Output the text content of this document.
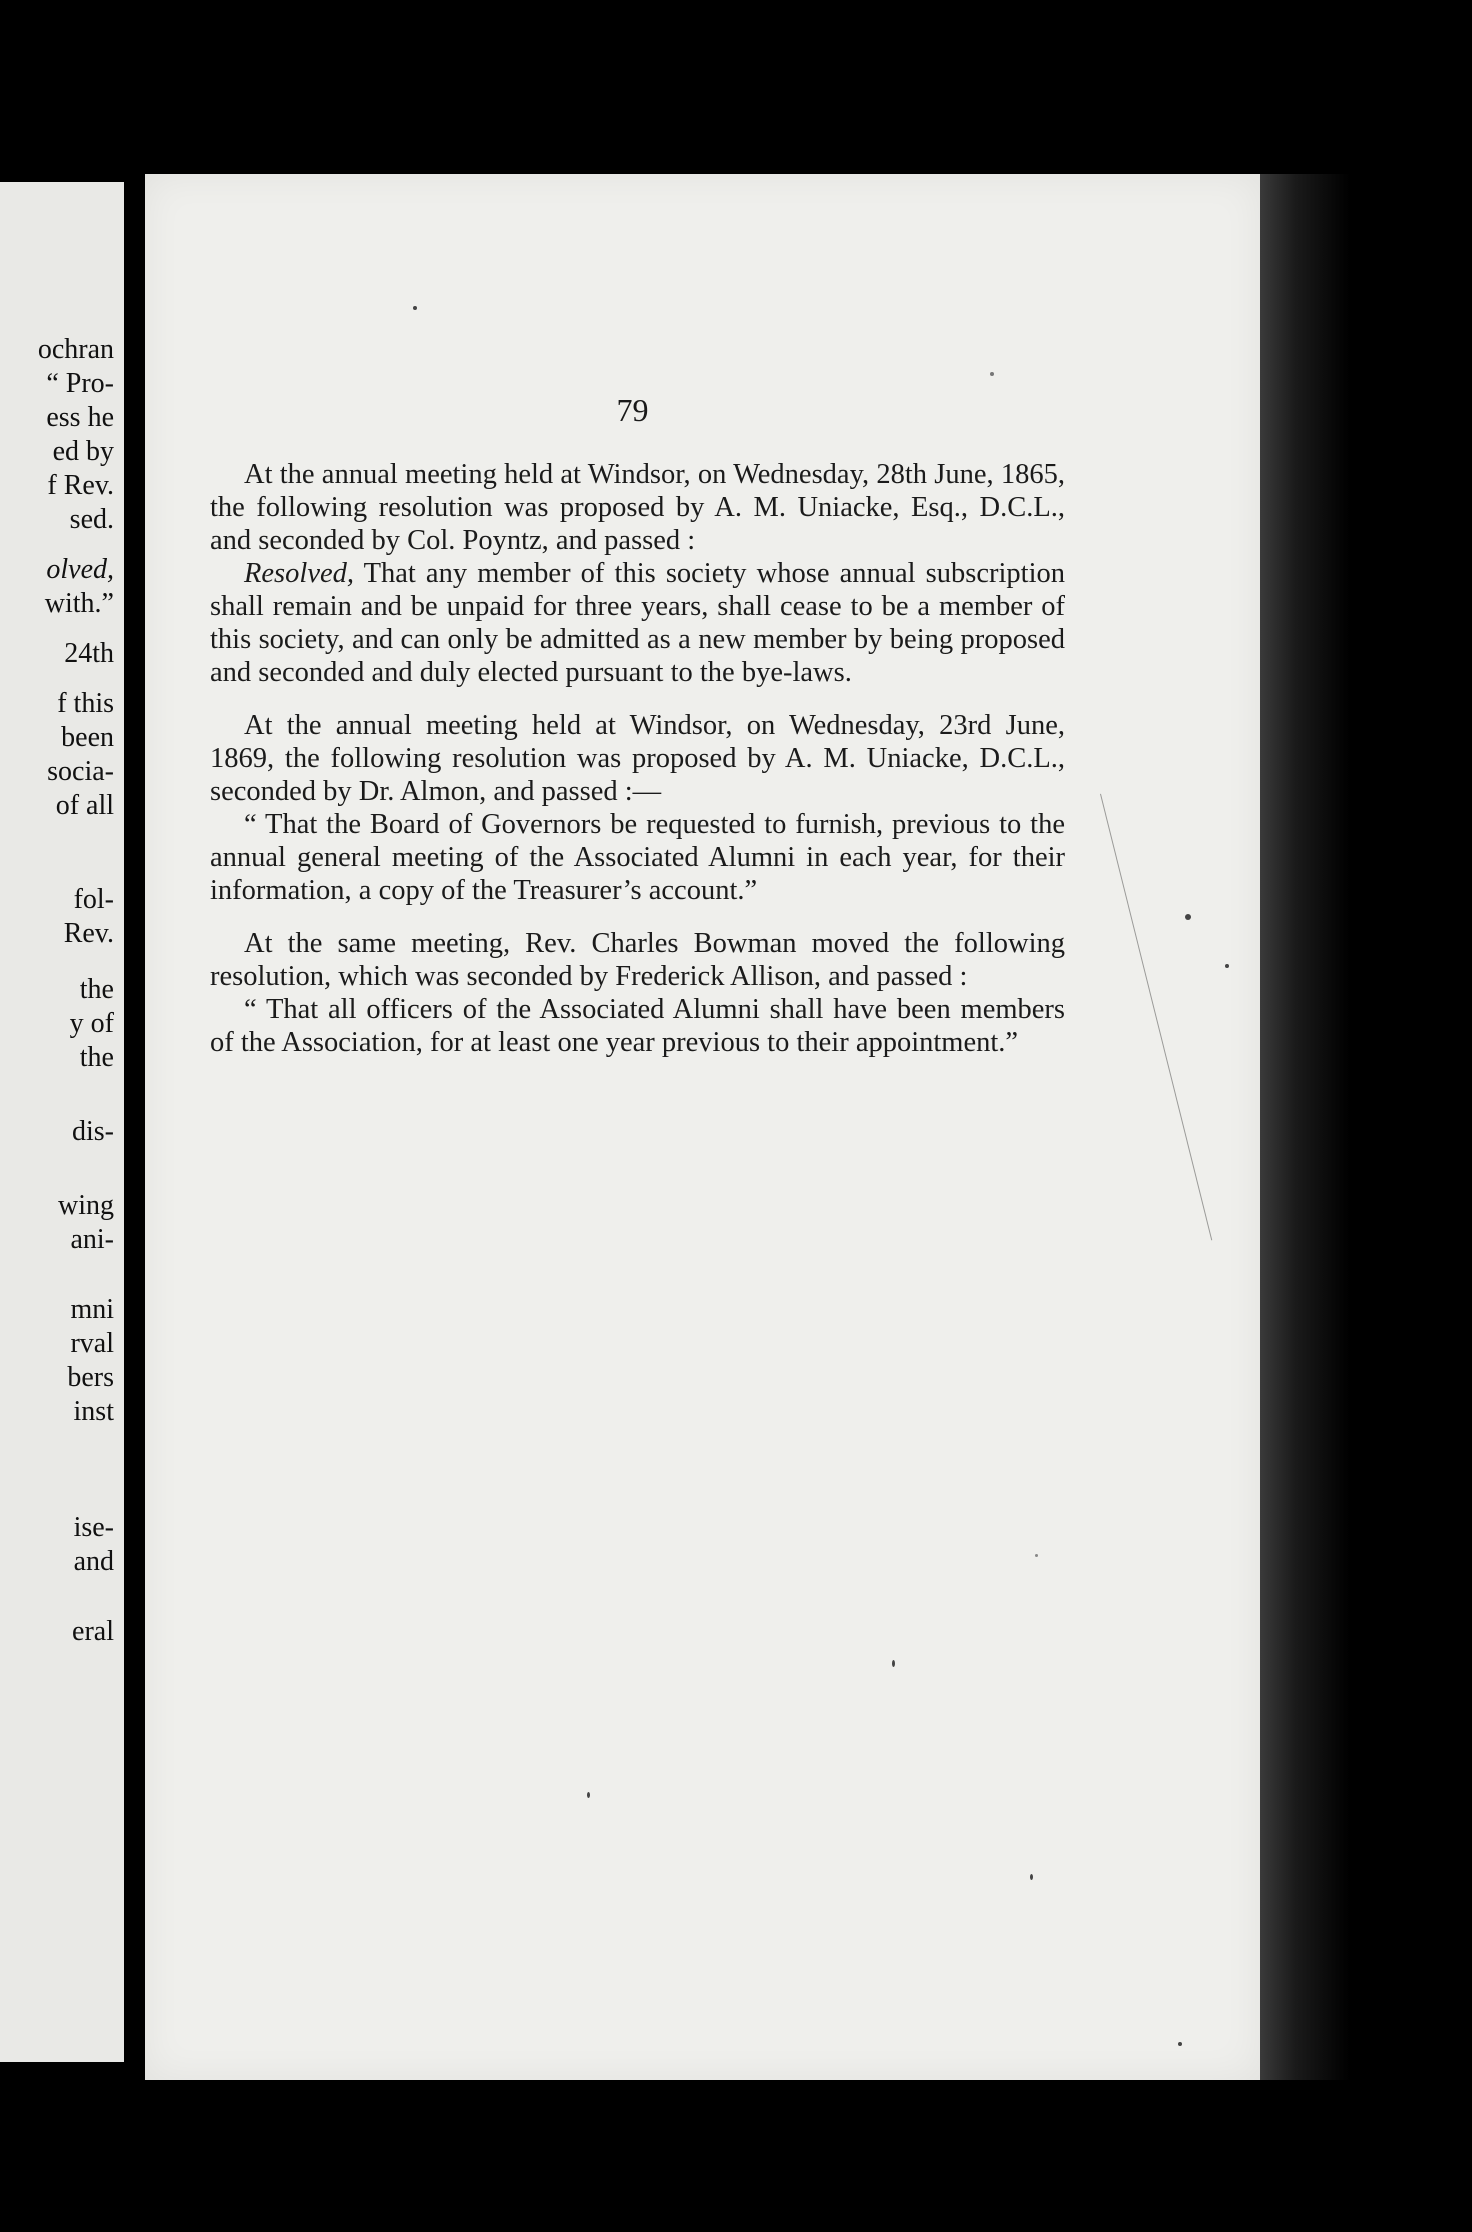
ochran
“ Pro-
ess he
ed by
f Rev.
sed.
olved,
with.”
24th
f this
been
socia-
of all
fol-
Rev.
the
y of
the
dis-
wing
ani-
mni
rval
bers
inst
ise-
and
eral
79

At the annual meeting held at Windsor, on Wednesday, 28th June, 1865, the following resolution was proposed by A. M. Uniacke, Esq., D.C.L., and seconded by Col. Poyntz, and passed :

Resolved, That any member of this society whose annual subscription shall remain and be unpaid for three years, shall cease to be a member of this society, and can only be admitted as a new member by being proposed and seconded and duly elected pursuant to the bye-laws.

At the annual meeting held at Windsor, on Wednesday, 23rd June, 1869, the following resolution was proposed by A. M. Uniacke, D.C.L., seconded by Dr. Almon, and passed :—

“ That the Board of Governors be requested to furnish, previous to the annual general meeting of the Associated Alumni in each year, for their information, a copy of the Treasurer’s account.”

At the same meeting, Rev. Charles Bowman moved the following resolution, which was seconded by Frederick Allison, and passed :

“ That all officers of the Associated Alumni shall have been members of the Association, for at least one year previous to their appointment.”
